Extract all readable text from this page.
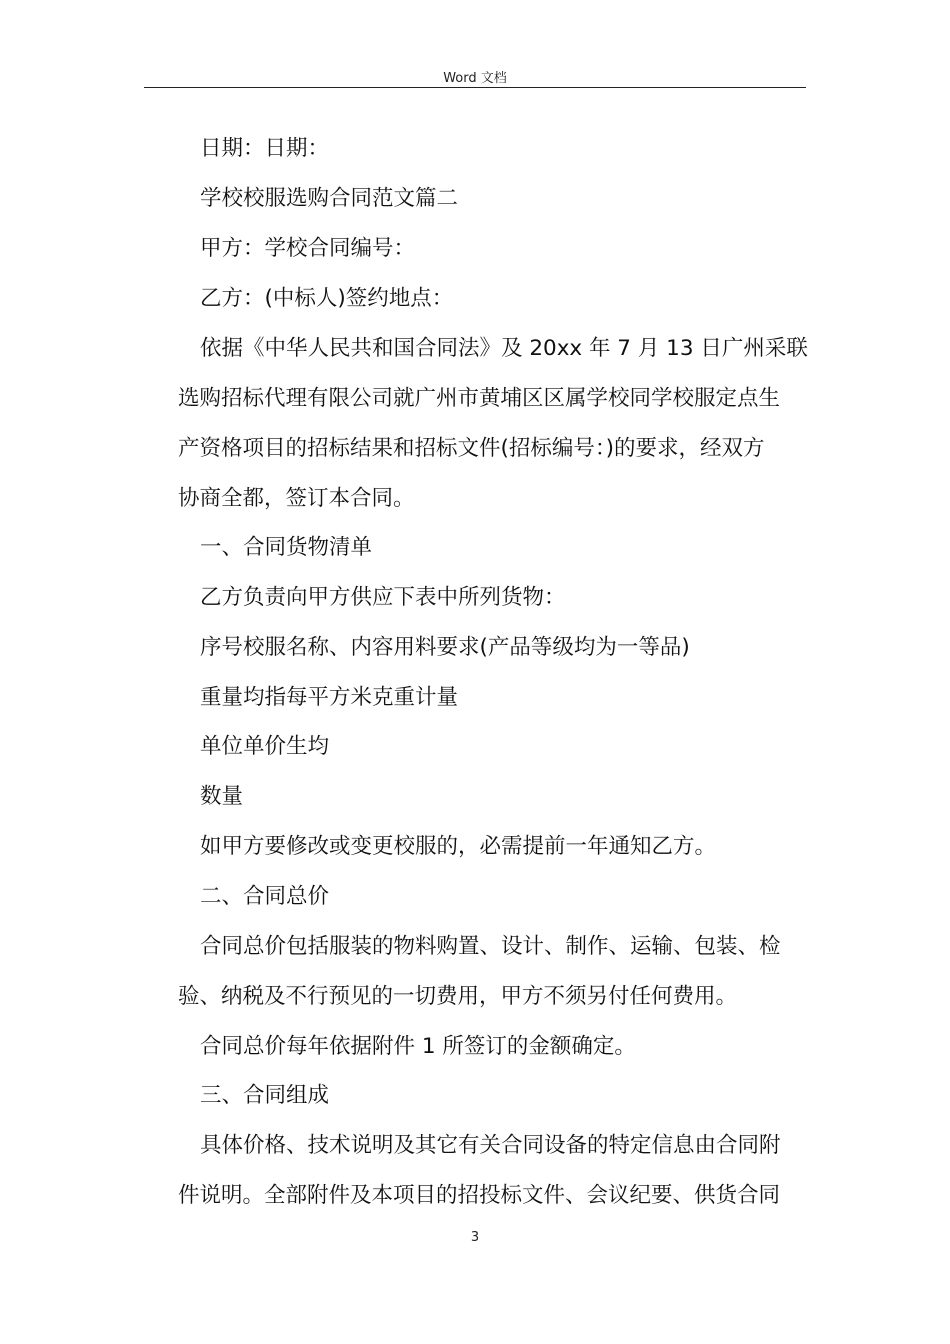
Word 文档
日期：日期：
学校校服选购合同范文篇二
甲方：学校合同编号：
乙方：(中标人)签约地点：
依据《中华人民共和国合同法》及 20xx 年 7 月 13 日广州采联
选购招标代理有限公司就广州市黄埔区区属学校同学校服定点生
产资格项目的招标结果和招标文件(招标编号：)的要求，经双方
协商全都，签订本合同。
一、合同货物清单
乙方负责向甲方供应下表中所列货物：
序号校服名称、内容用料要求(产品等级均为一等品)
重量均指每平方米克重计量
单位单价生均
数量
如甲方要修改或变更校服的，必需提前一年通知乙方。
二、合同总价
合同总价包括服装的物料购置、设计、制作、运输、包装、检
验、纳税及不行预见的一切费用，甲方不须另付任何费用。
合同总价每年依据附件 1 所签订的金额确定。
三、合同组成
具体价格、技术说明及其它有关合同设备的特定信息由合同附
件说明。全部附件及本项目的招投标文件、会议纪要、供货合同
3
